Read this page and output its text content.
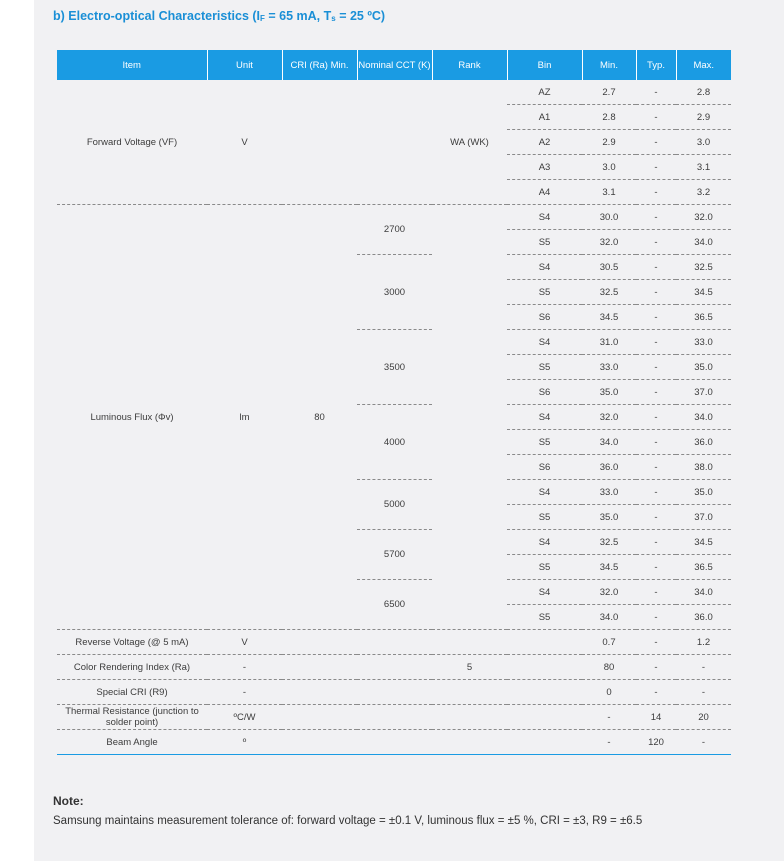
b) Electro-optical Characteristics ($I_F = 65$ mA, $T_s = 25$ ºC)
Item	Unit	CRI (Ra) Min.	Nominal CCT (K)	Rank	Bin	Min.	Typ.	Max.
Forward Voltage (VF)	V			WA (WK)	AZ	2.7	-	2.8
					A1	2.8	-	2.9
					A2	2.9	-	3.0
					A3	3.0	-	3.1
					A4	3.1	-	3.2
Luminous Flux (Φv)	lm	80	2700		S4	30.0	-	32.0
					S5	32.0	-	34.0
			3000		S4	30.5	-	32.5
					S5	32.5	-	34.5
					S6	34.5	-	36.5
			3500		S4	31.0	-	33.0
					S5	33.0	-	35.0
					S6	35.0	-	37.0
			4000		S4	32.0	-	34.0
					S5	34.0	-	36.0
					S6	36.0	-	38.0
			5000		S4	33.0	-	35.0
					S5	35.0	-	37.0
			5700		S4	32.5	-	34.5
					S5	34.5	-	36.5
			6500		S4	32.0	-	34.0
					S5	34.0	-	36.0
Reverse Voltage (@ 5 mA)	V					0.7	-	1.2
Color Rendering Index (Ra)	-			5		80	-	-
Special CRI (R9)	-					0	-	-
Thermal Resistance (junction to solder point)	ºC/W					-	14	20
Beam Angle	º					-	120	-
Note:
Samsung maintains measurement tolerance of: forward voltage = ±0.1 V, luminous flux = ±5 %, CRI = ±3, R9 = ±6.5
